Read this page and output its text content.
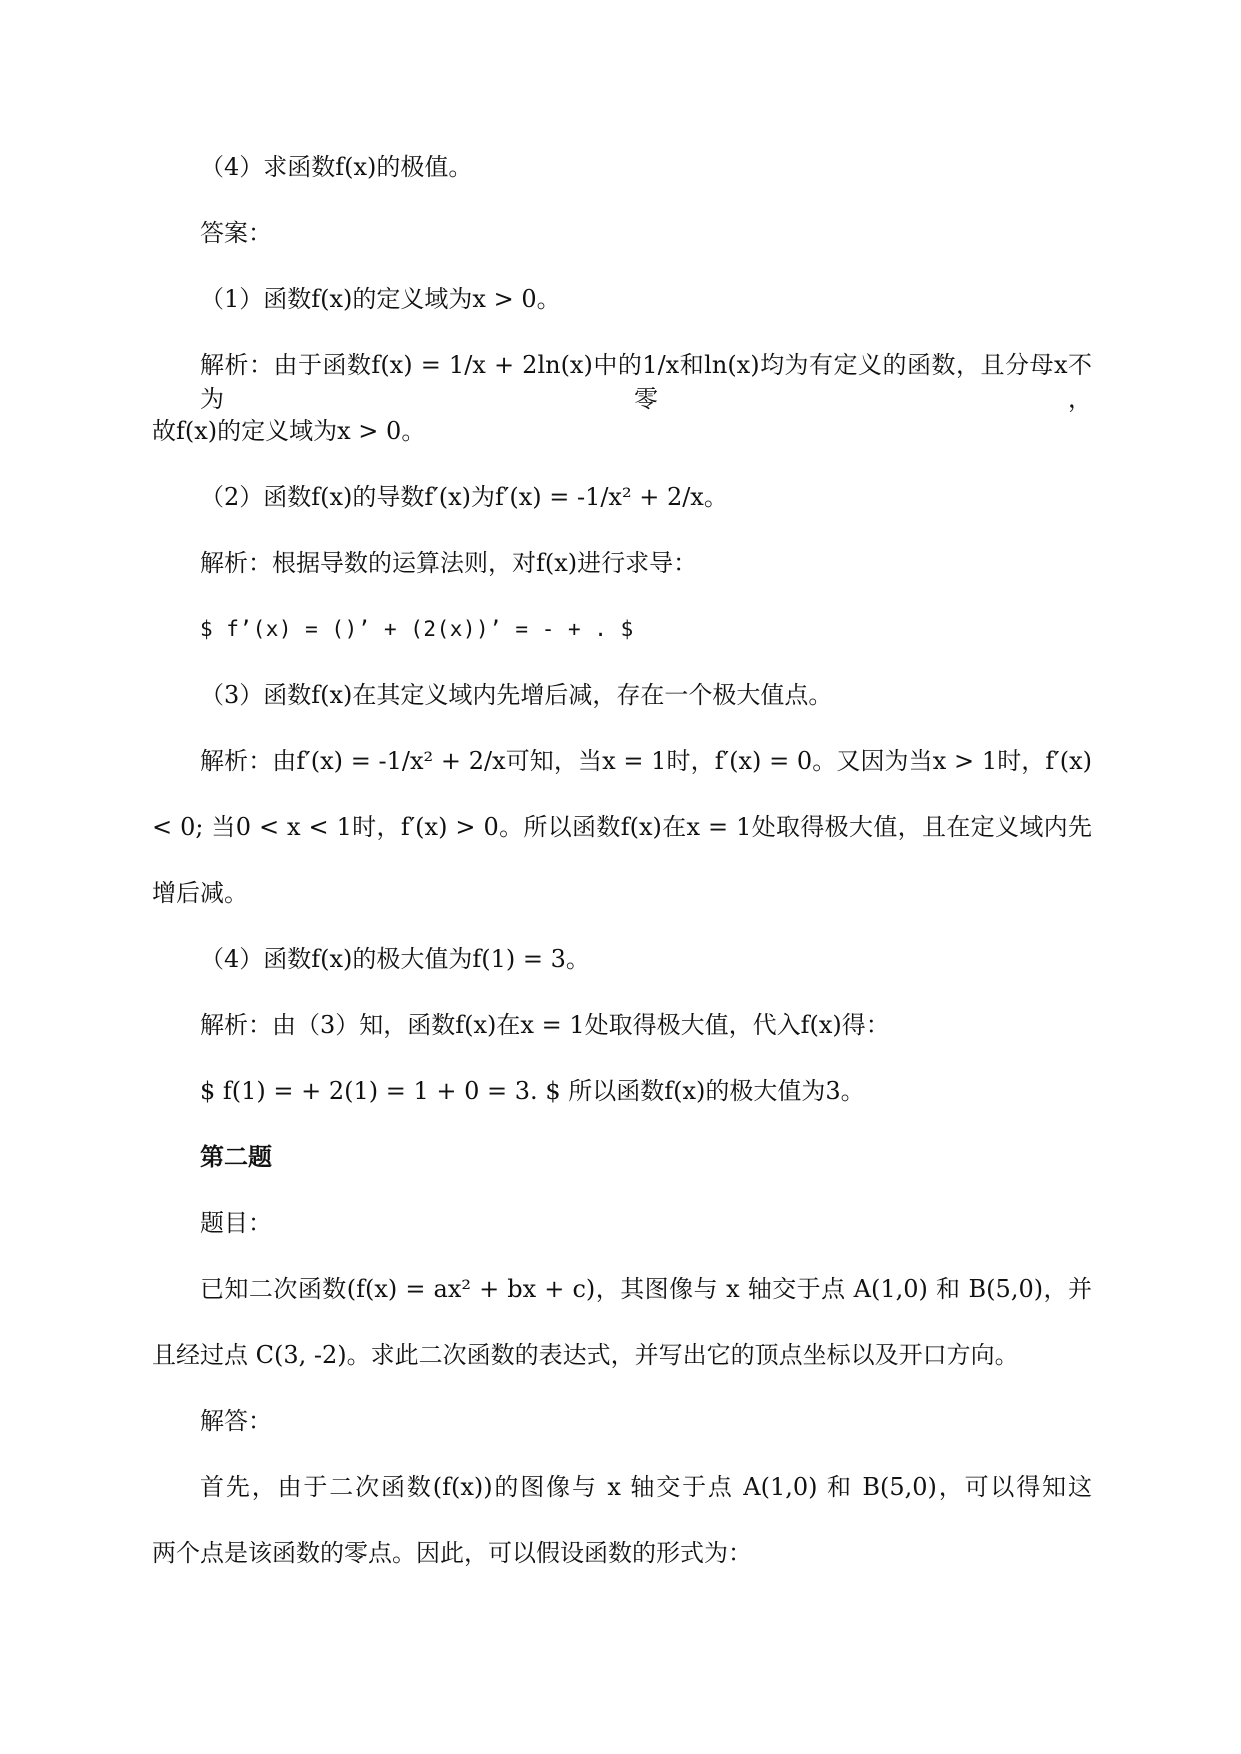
（4）求函数f(x)的极值。
答案：
（1）函数f(x)的定义域为x > 0。
解析：由于函数f(x) = 1/x + 2ln(x)中的1/x和ln(x)均为有定义的函数，且分母x不为零，
故f(x)的定义域为x > 0。
（2）函数f(x)的导数f′(x)为f′(x) = -1/x² + 2/x。
解析：根据导数的运算法则，对f(x)进行求导：
$ f’(x) = ()’ + (2(x))’ = - + . $
（3）函数f(x)在其定义域内先增后减，存在一个极大值点。
解析：由f′(x) = -1/x² + 2/x可知，当x = 1时，f′(x) = 0。又因为当x > 1时，f′(x)
< 0; 当0 < x < 1时，f′(x) > 0。所以函数f(x)在x = 1处取得极大值，且在定义域内先
增后减。
（4）函数f(x)的极大值为f(1) = 3。
解析：由（3）知，函数f(x)在x = 1处取得极大值，代入f(x)得：
$ f(1) = + 2(1) = 1 + 0 = 3. $ 所以函数f(x)的极大值为3。
第二题
题目：
已知二次函数(f(x) = ax² + bx + c)，其图像与 x 轴交于点 A(1,0) 和 B(5,0)，并
且经过点 C(3, -2)。求此二次函数的表达式，并写出它的顶点坐标以及开口方向。
解答：
首先，由于二次函数(f(x))的图像与 x 轴交于点 A(1,0) 和 B(5,0)，可以得知这
两个点是该函数的零点。因此，可以假设函数的形式为：
